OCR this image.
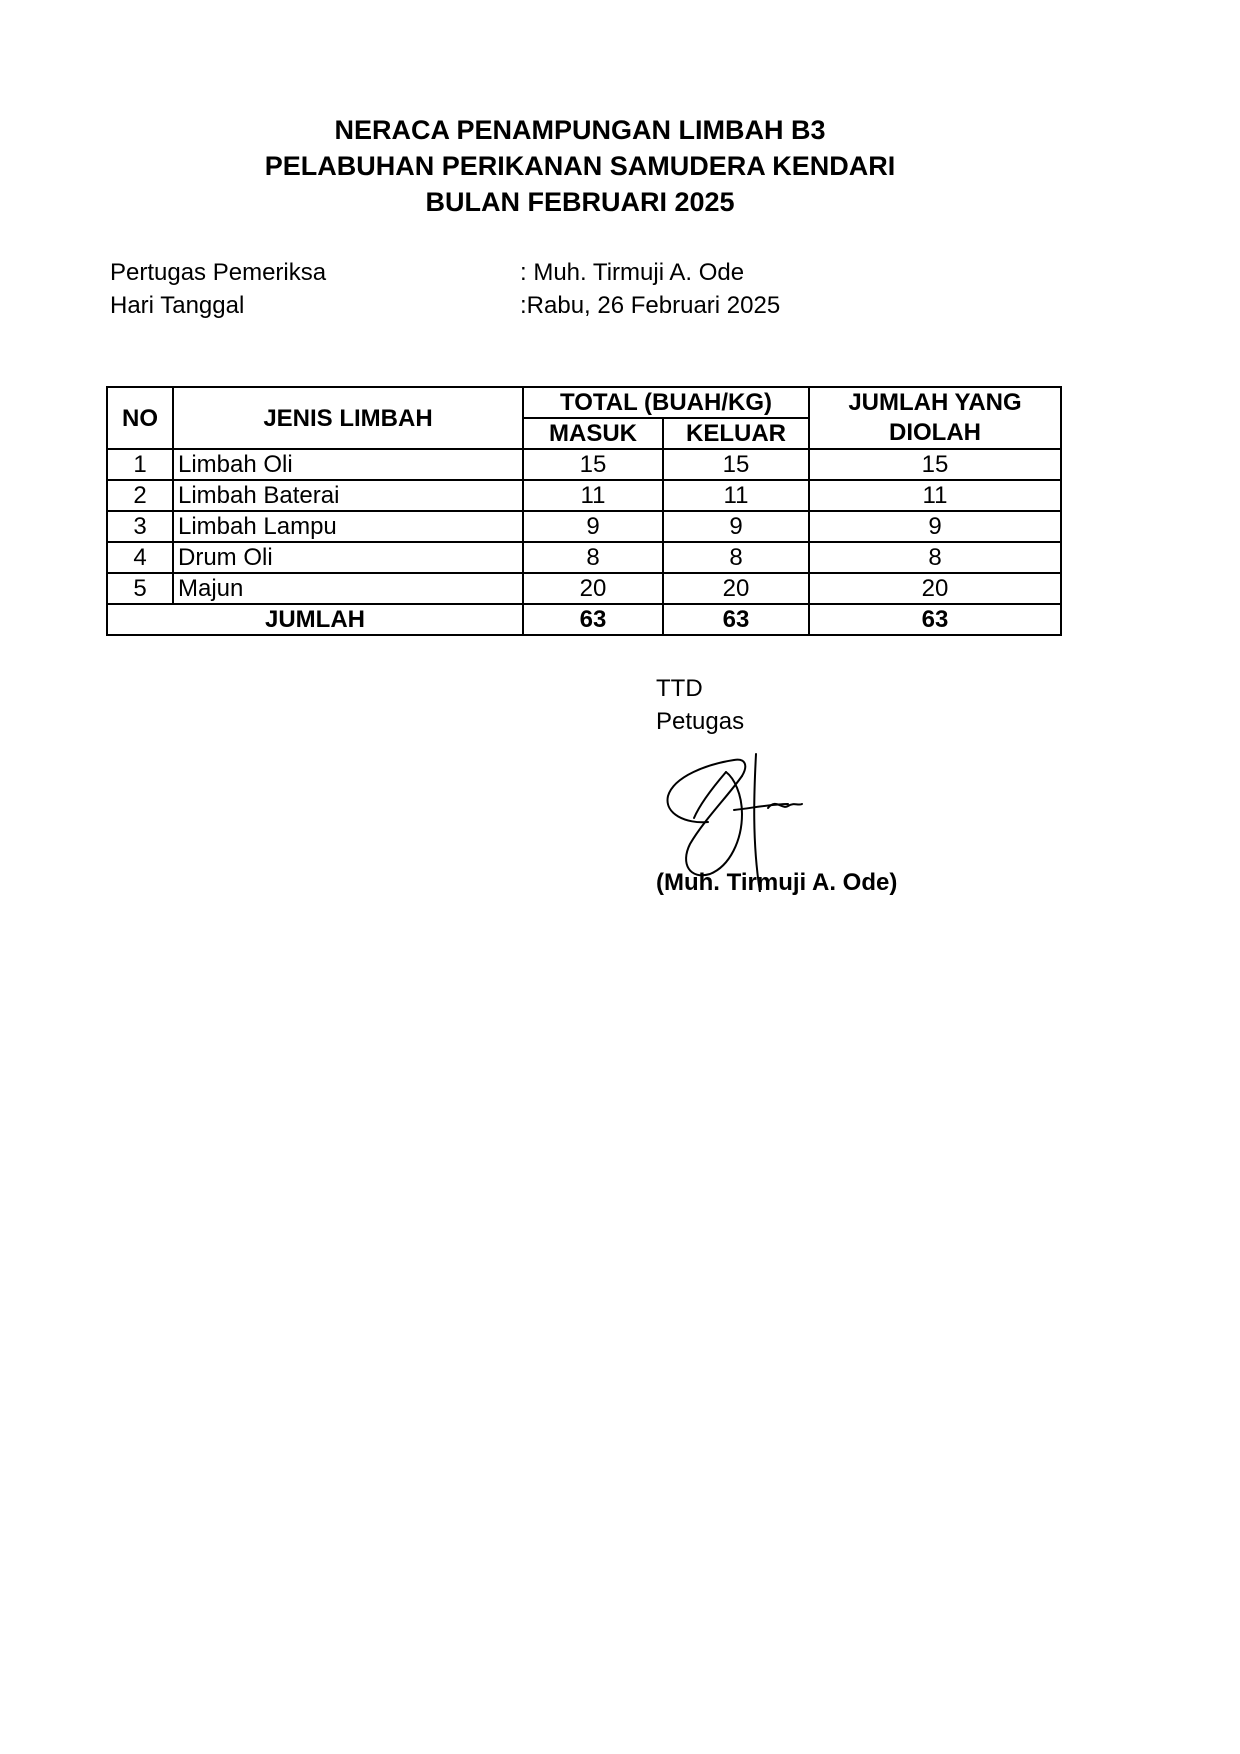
NERACA PENAMPUNGAN LIMBAH B3
PELABUHAN PERIKANAN SAMUDERA KENDARI
BULAN FEBRUARI 2025
Pertugas Pemeriksa	: Muh. Tirmuji A. Ode
Hari Tanggal	:Rabu, 26 Februari 2025
NO	JENIS LIMBAH	TOTAL (BUAH/KG)		JUMLAH YANG
DIOLAH

		MASUK	KELUAR	
1	Limbah Oli	15	15	15
2	Limbah Baterai	11	11	11
3	Limbah Lampu	9	9	9
4	Drum Oli	8	8	8
5	Majun	20	20	20
JUMLAH		63	63	63
TTD
Petugas
(Muh. Tirmuji A. Ode)
